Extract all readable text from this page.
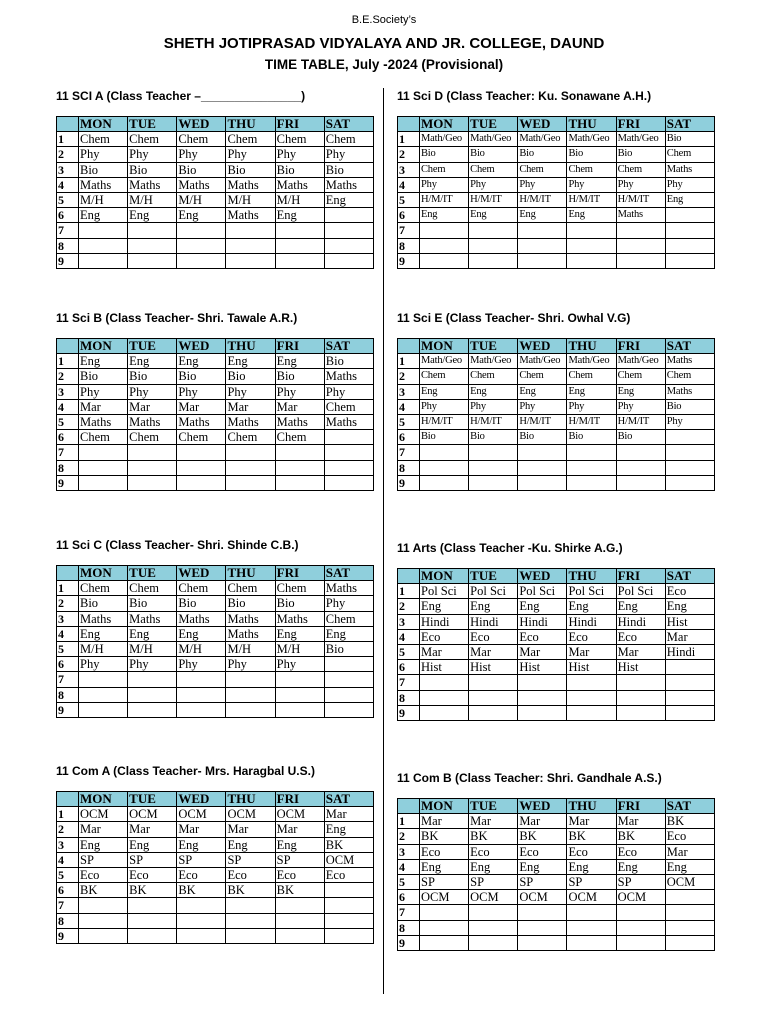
B.E.Society’s
SHETH JOTIPRASAD VIDYALAYA AND JR. COLLEGE, DAUND
TIME TABLE, July -2024 (Provisional)
11 SCI A (Class Teacher –_______________)
	MON	TUE	WED	THU	FRI	SAT
1	Chem	Chem	Chem	Chem	Chem	Chem
2	Phy	Phy	Phy	Phy	Phy	Phy
3	Bio	Bio	Bio	Bio	Bio	Bio
4	Maths	Maths	Maths	Maths	Maths	Maths
5	M/H	M/H	M/H	M/H	M/H	Eng
6	Eng	Eng	Eng	Maths	Eng	
7						
8						
9						
11 Sci D (Class Teacher: Ku. Sonawane A.H.)
	MON	TUE	WED	THU	FRI	SAT
1	Math/Geo	Math/Geo	Math/Geo	Math/Geo	Math/Geo	Bio
2	Bio	Bio	Bio	Bio	Bio	Chem
3	Chem	Chem	Chem	Chem	Chem	Maths
4	Phy	Phy	Phy	Phy	Phy	Phy
5	H/M/IT	H/M/IT	H/M/IT	H/M/IT	H/M/IT	Eng
6	Eng	Eng	Eng	Eng	Maths	
7						
8						
9						
11 Sci B (Class Teacher- Shri. Tawale A.R.)
	MON	TUE	WED	THU	FRI	SAT
1	Eng	Eng	Eng	Eng	Eng	Bio
2	Bio	Bio	Bio	Bio	Bio	Maths
3	Phy	Phy	Phy	Phy	Phy	Phy
4	Mar	Mar	Mar	Mar	Mar	Chem
5	Maths	Maths	Maths	Maths	Maths	Maths
6	Chem	Chem	Chem	Chem	Chem	
7						
8						
9						
11 Sci E (Class Teacher- Shri. Owhal V.G)
	MON	TUE	WED	THU	FRI	SAT
1	Math/Geo	Math/Geo	Math/Geo	Math/Geo	Math/Geo	Maths
2	Chem	Chem	Chem	Chem	Chem	Chem
3	Eng	Eng	Eng	Eng	Eng	Maths
4	Phy	Phy	Phy	Phy	Phy	Bio
5	H/M/IT	H/M/IT	H/M/IT	H/M/IT	H/M/IT	Phy
6	Bio	Bio	Bio	Bio	Bio	
7						
8						
9						
11 Sci C (Class Teacher- Shri. Shinde C.B.)
	MON	TUE	WED	THU	FRI	SAT
1	Chem	Chem	Chem	Chem	Chem	Maths
2	Bio	Bio	Bio	Bio	Bio	Phy
3	Maths	Maths	Maths	Maths	Maths	Chem
4	Eng	Eng	Eng	Maths	Eng	Eng
5	M/H	M/H	M/H	M/H	M/H	Bio
6	Phy	Phy	Phy	Phy	Phy	
7						
8						
9						
11 Arts (Class Teacher -Ku. Shirke A.G.)
	MON	TUE	WED	THU	FRI	SAT
1	Pol Sci	Pol Sci	Pol Sci	Pol Sci	Pol Sci	Eco
2	Eng	Eng	Eng	Eng	Eng	Eng
3	Hindi	Hindi	Hindi	Hindi	Hindi	Hist
4	Eco	Eco	Eco	Eco	Eco	Mar
5	Mar	Mar	Mar	Mar	Mar	Hindi
6	Hist	Hist	Hist	Hist	Hist	
7						
8						
9						
11 Com A (Class Teacher- Mrs. Haragbal U.S.)
	MON	TUE	WED	THU	FRI	SAT
1	OCM	OCM	OCM	OCM	OCM	Mar
2	Mar	Mar	Mar	Mar	Mar	Eng
3	Eng	Eng	Eng	Eng	Eng	BK
4	SP	SP	SP	SP	SP	OCM
5	Eco	Eco	Eco	Eco	Eco	Eco
6	BK	BK	BK	BK	BK	
7						
8						
9						
11 Com B (Class Teacher: Shri. Gandhale A.S.)
	MON	TUE	WED	THU	FRI	SAT
1	Mar	Mar	Mar	Mar	Mar	BK
2	BK	BK	BK	BK	BK	Eco
3	Eco	Eco	Eco	Eco	Eco	Mar
4	Eng	Eng	Eng	Eng	Eng	Eng
5	SP	SP	SP	SP	SP	OCM
6	OCM	OCM	OCM	OCM	OCM	
7						
8						
9						
